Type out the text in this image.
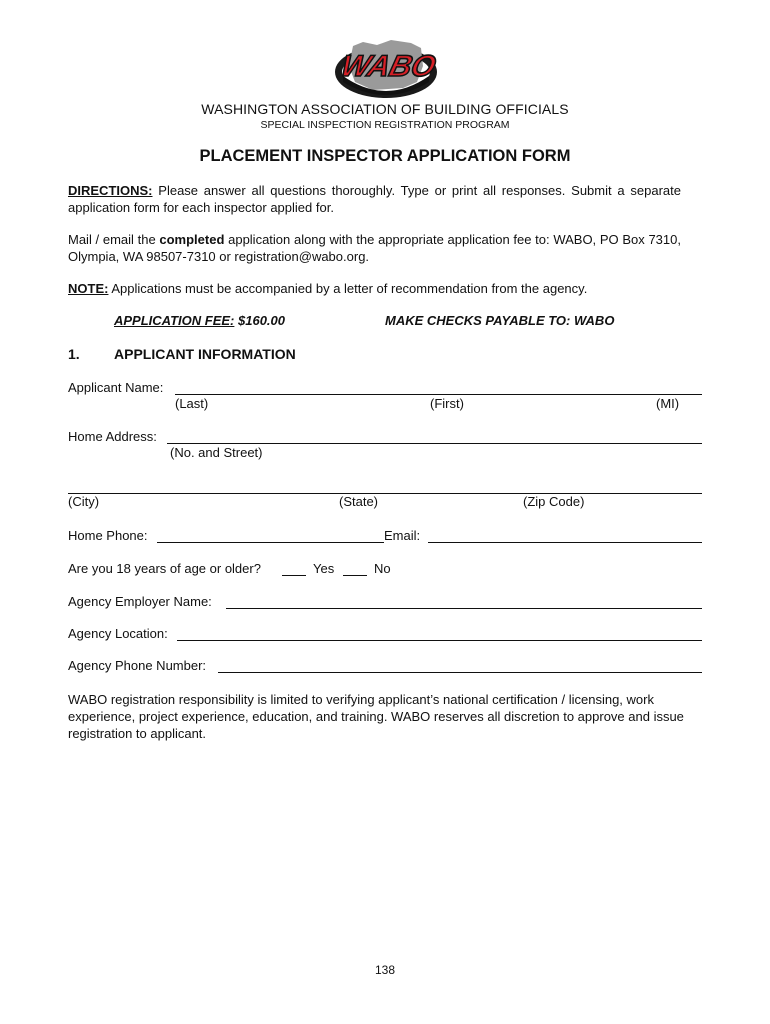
WABO
WASHINGTON ASSOCIATION OF BUILDING OFFICIALS
SPECIAL INSPECTION REGISTRATION PROGRAM
PLACEMENT INSPECTOR APPLICATION FORM
DIRECTIONS: Please answer all questions thoroughly. Type or print all responses. Submit a separate application form for each inspector applied for.
Mail / email the completed application along with the appropriate application fee to: WABO, PO Box 7310, Olympia, WA 98507-7310 or registration@wabo.org.
NOTE: Applications must be accompanied by a letter of recommendation from the agency.
APPLICATION FEE: $160.00	MAKE CHECKS PAYABLE TO: WABO
1. APPLICANT INFORMATION
Applicant Name:
(Last)	(First)	(MI)
Home Address:
(No. and Street)
(City)	(State)	(Zip Code)
Home Phone:	Email:
Are you 18 years of age or older?	Yes	No
Agency Employer Name:
Agency Location:
Agency Phone Number:
WABO registration responsibility is limited to verifying applicant’s national certification / licensing, work experience, project experience, education, and training. WABO reserves all discretion to approve and issue registration to applicant.
138
